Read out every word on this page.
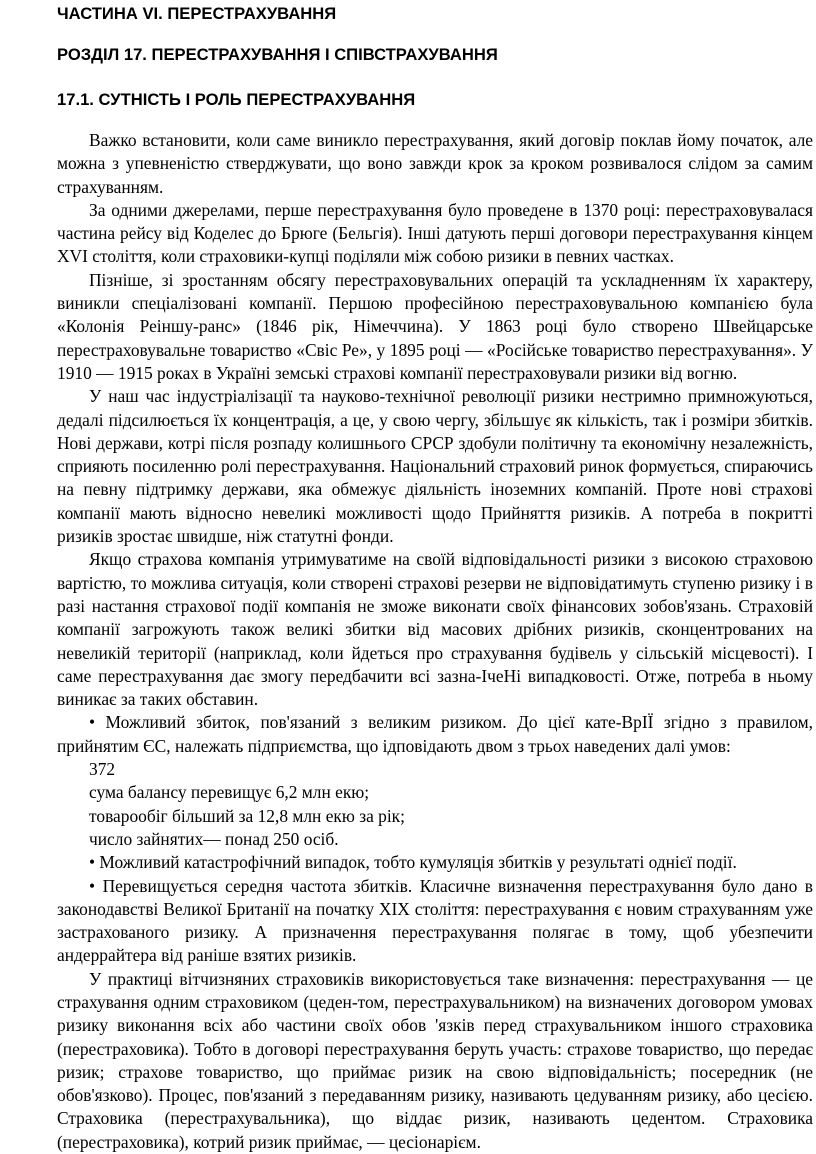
ЧАСТИНА VI. ПЕРЕСТРАХУВАННЯ
РОЗДІЛ 17. ПЕРЕСТРАХУВАННЯ І СПІВСТРАХУВАННЯ
17.1. СУТНІСТЬ І РОЛЬ ПЕРЕСТРАХУВАННЯ

Важко встановити, коли саме виникло перестрахування, який договір поклав йому початок, але можна з упевненістю стверджувати, що воно завжди крок за кроком розвивалося слідом за самим страхуванням.

За одними джерелами, перше перестрахування було проведене в 1370 році: перестраховувалася частина рейсу від Коделес до Брюге (Бельгія). Інші датують перші договори перестрахування кінцем XVI століття, коли страховики-купці поділяли між собою ризики в певних частках.

Пізніше, зі зростанням обсягу перестраховувальних операцій та ускладненням їх характеру, виникли спеціалізовані компанії. Першою професійною перестраховувальною компанією була «Колонія Реіншу-ранс» (1846 рік, Німеччина). У 1863 році було створено Швейцарське перестраховувальне товариство «Свіс Ре», у 1895 році — «Російське товариство перестрахування». У 1910 — 1915 роках в Україні земські страхові компанії перестраховували ризики від вогню.

У наш час індустріалізації та науково-технічної революції ризики нестримно примножуються, дедалі підсилюється їх концентрація, а це, у свою чергу, збільшує як кількість, так і розміри збитків. Нові держави, котрі після розпаду колишнього СРСР здобули політичну та економічну незалежність, сприяють посиленню ролі перестрахування. Національний страховий ринок формується, спираючись на певну підтримку держави, яка обмежує діяльність іноземних компаній. Проте нові страхові компанії мають відносно невеликі можливості щодо Прийняття ризиків. А потреба в покритті ризиків зростає швидше, ніж статутні фонди.

Якщо страхова компанія утримуватиме на своїй відповідальності ризики з високою страховою вартістю, то можлива ситуація, коли створені страхові резерви не відповідатимуть ступеню ризику і в разі настання страхової події компанія не зможе виконати своїх фінансових зобов'язань. Страховій компанії загрожують також великі збитки від масових дрібних ризиків, сконцентрованих на невеликій території (наприклад, коли йдеться про страхування будівель у сільській місцевості). І саме перестрахування дає змогу передбачити всі зазна-ІчеНі випадковості. Отже, потреба в ньому виникає за таких обставин.

• Можливий збиток, пов'язаний з великим ризиком. До цієї кате-ВрІЇ згідно з правилом, прийнятим ЄС, належать підприємства, що ідповідають двом з трьох наведених далі умов:

372

сума балансу перевищує 6,2 млн екю;

товарообіг більший за 12,8 млн екю за рік;

число зайнятих— понад 250 осіб.

• Можливий катастрофічний випадок, тобто кумуляція збитків у результаті однієї події.

• Перевищується середня частота збитків. Класичне визначення перестрахування було дано в законодавстві Великої Британії на початку XIX століття: перестрахування є новим страхуванням уже застрахованого ризику. А призначення перестрахування полягає в тому, щоб убезпечити андеррайтера від раніше взятих ризиків.

У практиці вітчизняних страховиків використовується таке визначення: перестрахування — це страхування одним страховиком (цеден-том, перестрахувальником) на визначених договором умовах ризику виконання всіх або частини своїх обов 'язків перед страхувальником іншого страховика (перестраховика). Тобто в договорі перестрахування беруть участь: страхове товариство, що передає ризик; страхове товариство, що приймає ризик на свою відповідальність; посередник (не обов'язково). Процес, пов'язаний з передаванням ризику, називають цедуванням ризику, або цесією. Страховика (перестрахувальника), що віддає ризик, називають цедентом. Страховика (перестраховика), котрий ризик приймає, — цесіонарієм.
